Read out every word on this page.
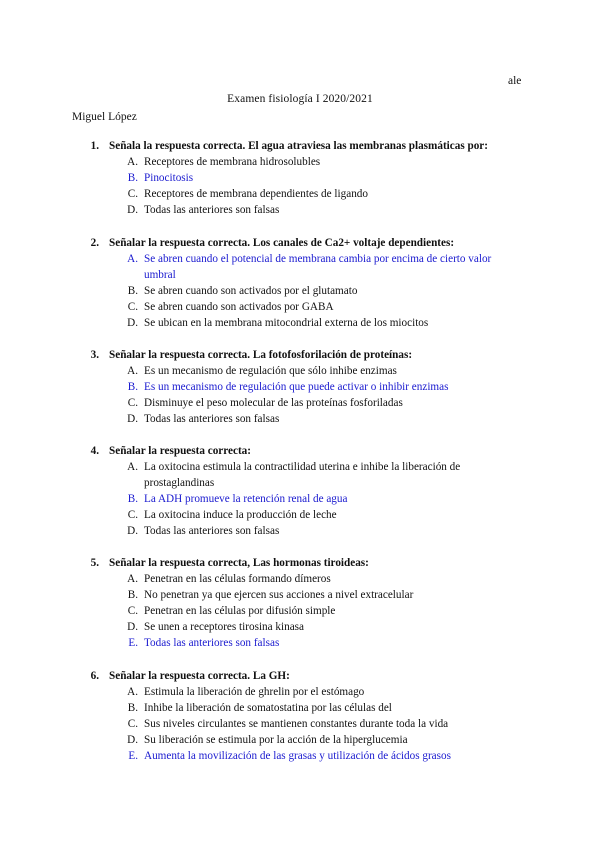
ale
Examen fisiología I 2020/2021
Miguel López
1. Señala la respuesta correcta. El agua atraviesa las membranas plasmáticas por:
A. Receptores de membrana hidrosolubles
B. Pinocitosis
C. Receptores de membrana dependientes de ligando
D. Todas las anteriores son falsas
2. Señalar la respuesta correcta. Los canales de Ca2+ voltaje dependientes:
A. Se abren cuando el potencial de membrana cambia por encima de cierto valor umbral
B. Se abren cuando son activados por el glutamato
C. Se abren cuando son activados por GABA
D. Se ubican en la membrana mitocondrial externa de los miocitos
3. Señalar la respuesta correcta. La fotofosforilación de proteínas:
A. Es un mecanismo de regulación que sólo inhibe enzimas
B. Es un mecanismo de regulación que puede activar o inhibir enzimas
C. Disminuye el peso molecular de las proteínas fosforiladas
D. Todas las anteriores son falsas
4. Señalar la respuesta correcta:
A. La oxitocina estimula la contractilidad uterina e inhibe la liberación de prostaglandinas
B. La ADH promueve la retención renal de agua
C. La oxitocina induce la producción de leche
D. Todas las anteriores son falsas
5. Señalar la respuesta correcta, Las hormonas tiroideas:
A. Penetran en las células formando dímeros
B. No penetran ya que ejercen sus acciones a nivel extracelular
C. Penetran en las células por difusión simple
D. Se unen a receptores tirosina kinasa
E. Todas las anteriores son falsas
6. Señalar la respuesta correcta. La GH:
A. Estimula la liberación de ghrelin por el estómago
B. Inhibe la liberación de somatostatina por las células del
C. Sus niveles circulantes se mantienen constantes durante toda la vida
D. Su liberación se estimula por la acción de la hiperglucemia
E. Aumenta la movilización de las grasas y utilización de ácidos grasos
